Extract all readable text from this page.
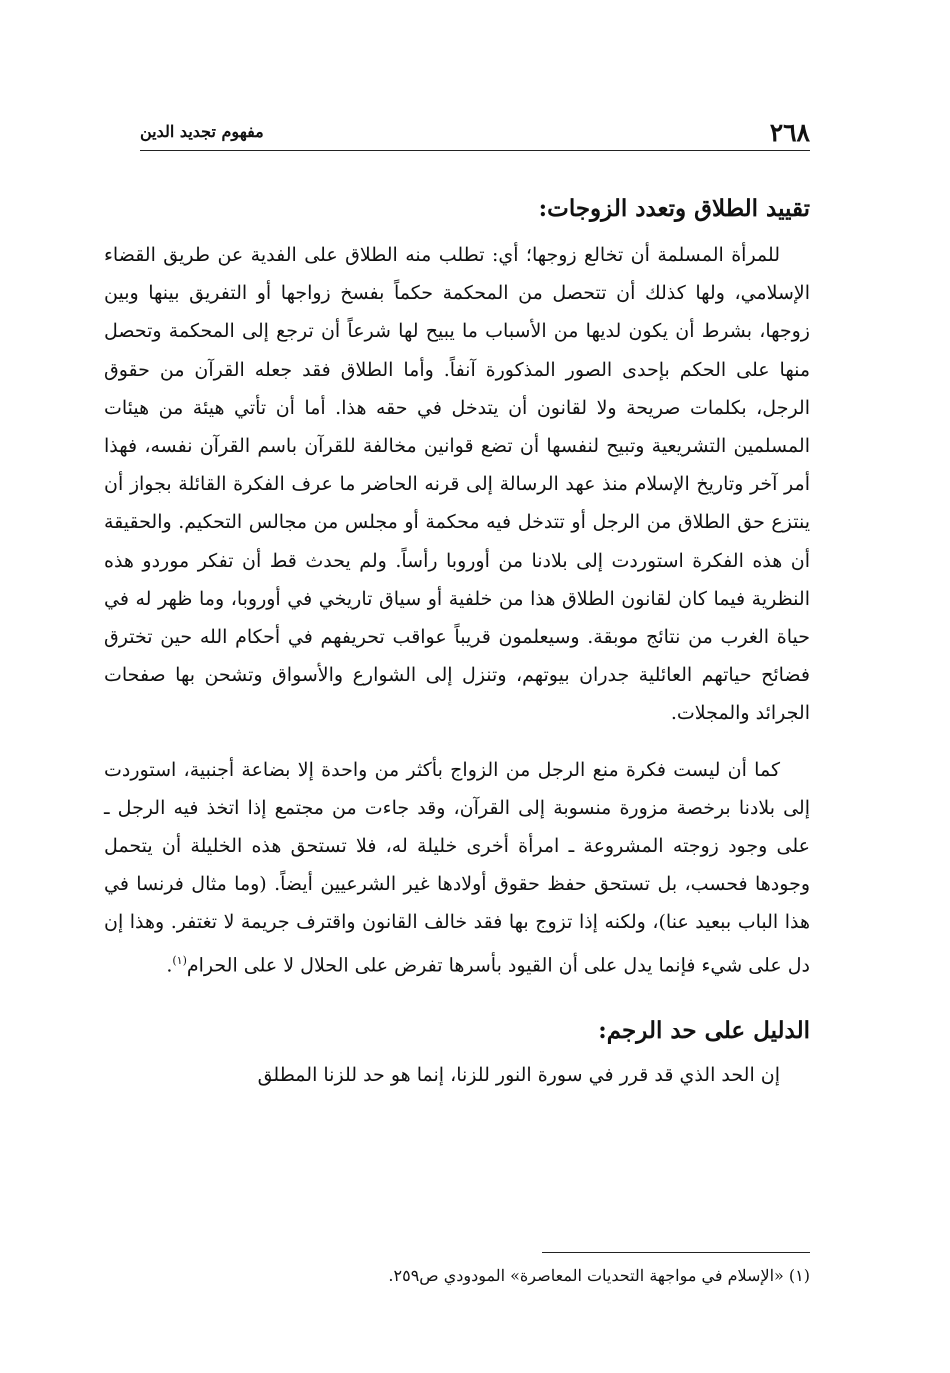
٢٦٨
مفهوم تجديد الدين
تقييد الطلاق وتعدد الزوجات:

للمرأة المسلمة أن تخالع زوجها؛ أي: تطلب منه الطلاق على الفدية عن طريق القضاء الإسلامي، ولها كذلك أن تتحصل من المحكمة حكماً بفسخ زواجها أو التفريق بينها وبين زوجها، بشرط أن يكون لديها من الأسباب ما يبيح لها شرعاً أن ترجع إلى المحكمة وتحصل منها على الحكم بإحدى الصور المذكورة آنفاً. وأما الطلاق فقد جعله القرآن من حقوق الرجل، بكلمات صريحة ولا لقانون أن يتدخل في حقه هذا. أما أن تأتي هيئة من هيئات المسلمين التشريعية وتبيح لنفسها أن تضع قوانين مخالفة للقرآن باسم القرآن نفسه، فهذا أمر آخر وتاريخ الإسلام منذ عهد الرسالة إلى قرنه الحاضر ما عرف الفكرة القائلة بجواز أن ينتزع حق الطلاق من الرجل أو تتدخل فيه محكمة أو مجلس من مجالس التحكيم. والحقيقة أن هذه الفكرة استوردت إلى بلادنا من أوروبا رأساً. ولم يحدث قط أن تفكر موردو هذه النظرية فيما كان لقانون الطلاق هذا من خلفية أو سياق تاريخي في أوروبا، وما ظهر له في حياة الغرب من نتائج موبقة. وسيعلمون قريباً عواقب تحريفهم في أحكام الله حين تخترق فضائح حياتهم العائلية جدران بيوتهم، وتنزل إلى الشوارع والأسواق وتشحن بها صفحات الجرائد والمجلات.

كما أن ليست فكرة منع الرجل من الزواج بأكثر من واحدة إلا بضاعة أجنبية، استوردت إلى بلادنا برخصة مزورة منسوبة إلى القرآن، وقد جاءت من مجتمع إذا اتخذ فيه الرجل ـ على وجود زوجته المشروعة ـ امرأة أخرى خليلة له، فلا تستحق هذه الخليلة أن يتحمل وجودها فحسب، بل تستحق حفظ حقوق أولادها غير الشرعيين أيضاً. (وما مثال فرنسا في هذا الباب ببعيد عنا)، ولكنه إذا تزوج بها فقد خالف القانون واقترف جريمة لا تغتفر. وهذا إن دل على شيء فإنما يدل على أن القيود بأسرها تفرض على الحلال لا على الحرام$^{(١)}$.

الدليل على حد الرجم:

إن الحد الذي قد قرر في سورة النور للزنا، إنما هو حد للزنا المطلق

(١) «الإسلام في مواجهة التحديات المعاصرة» المودودي ص٢٥٩.
